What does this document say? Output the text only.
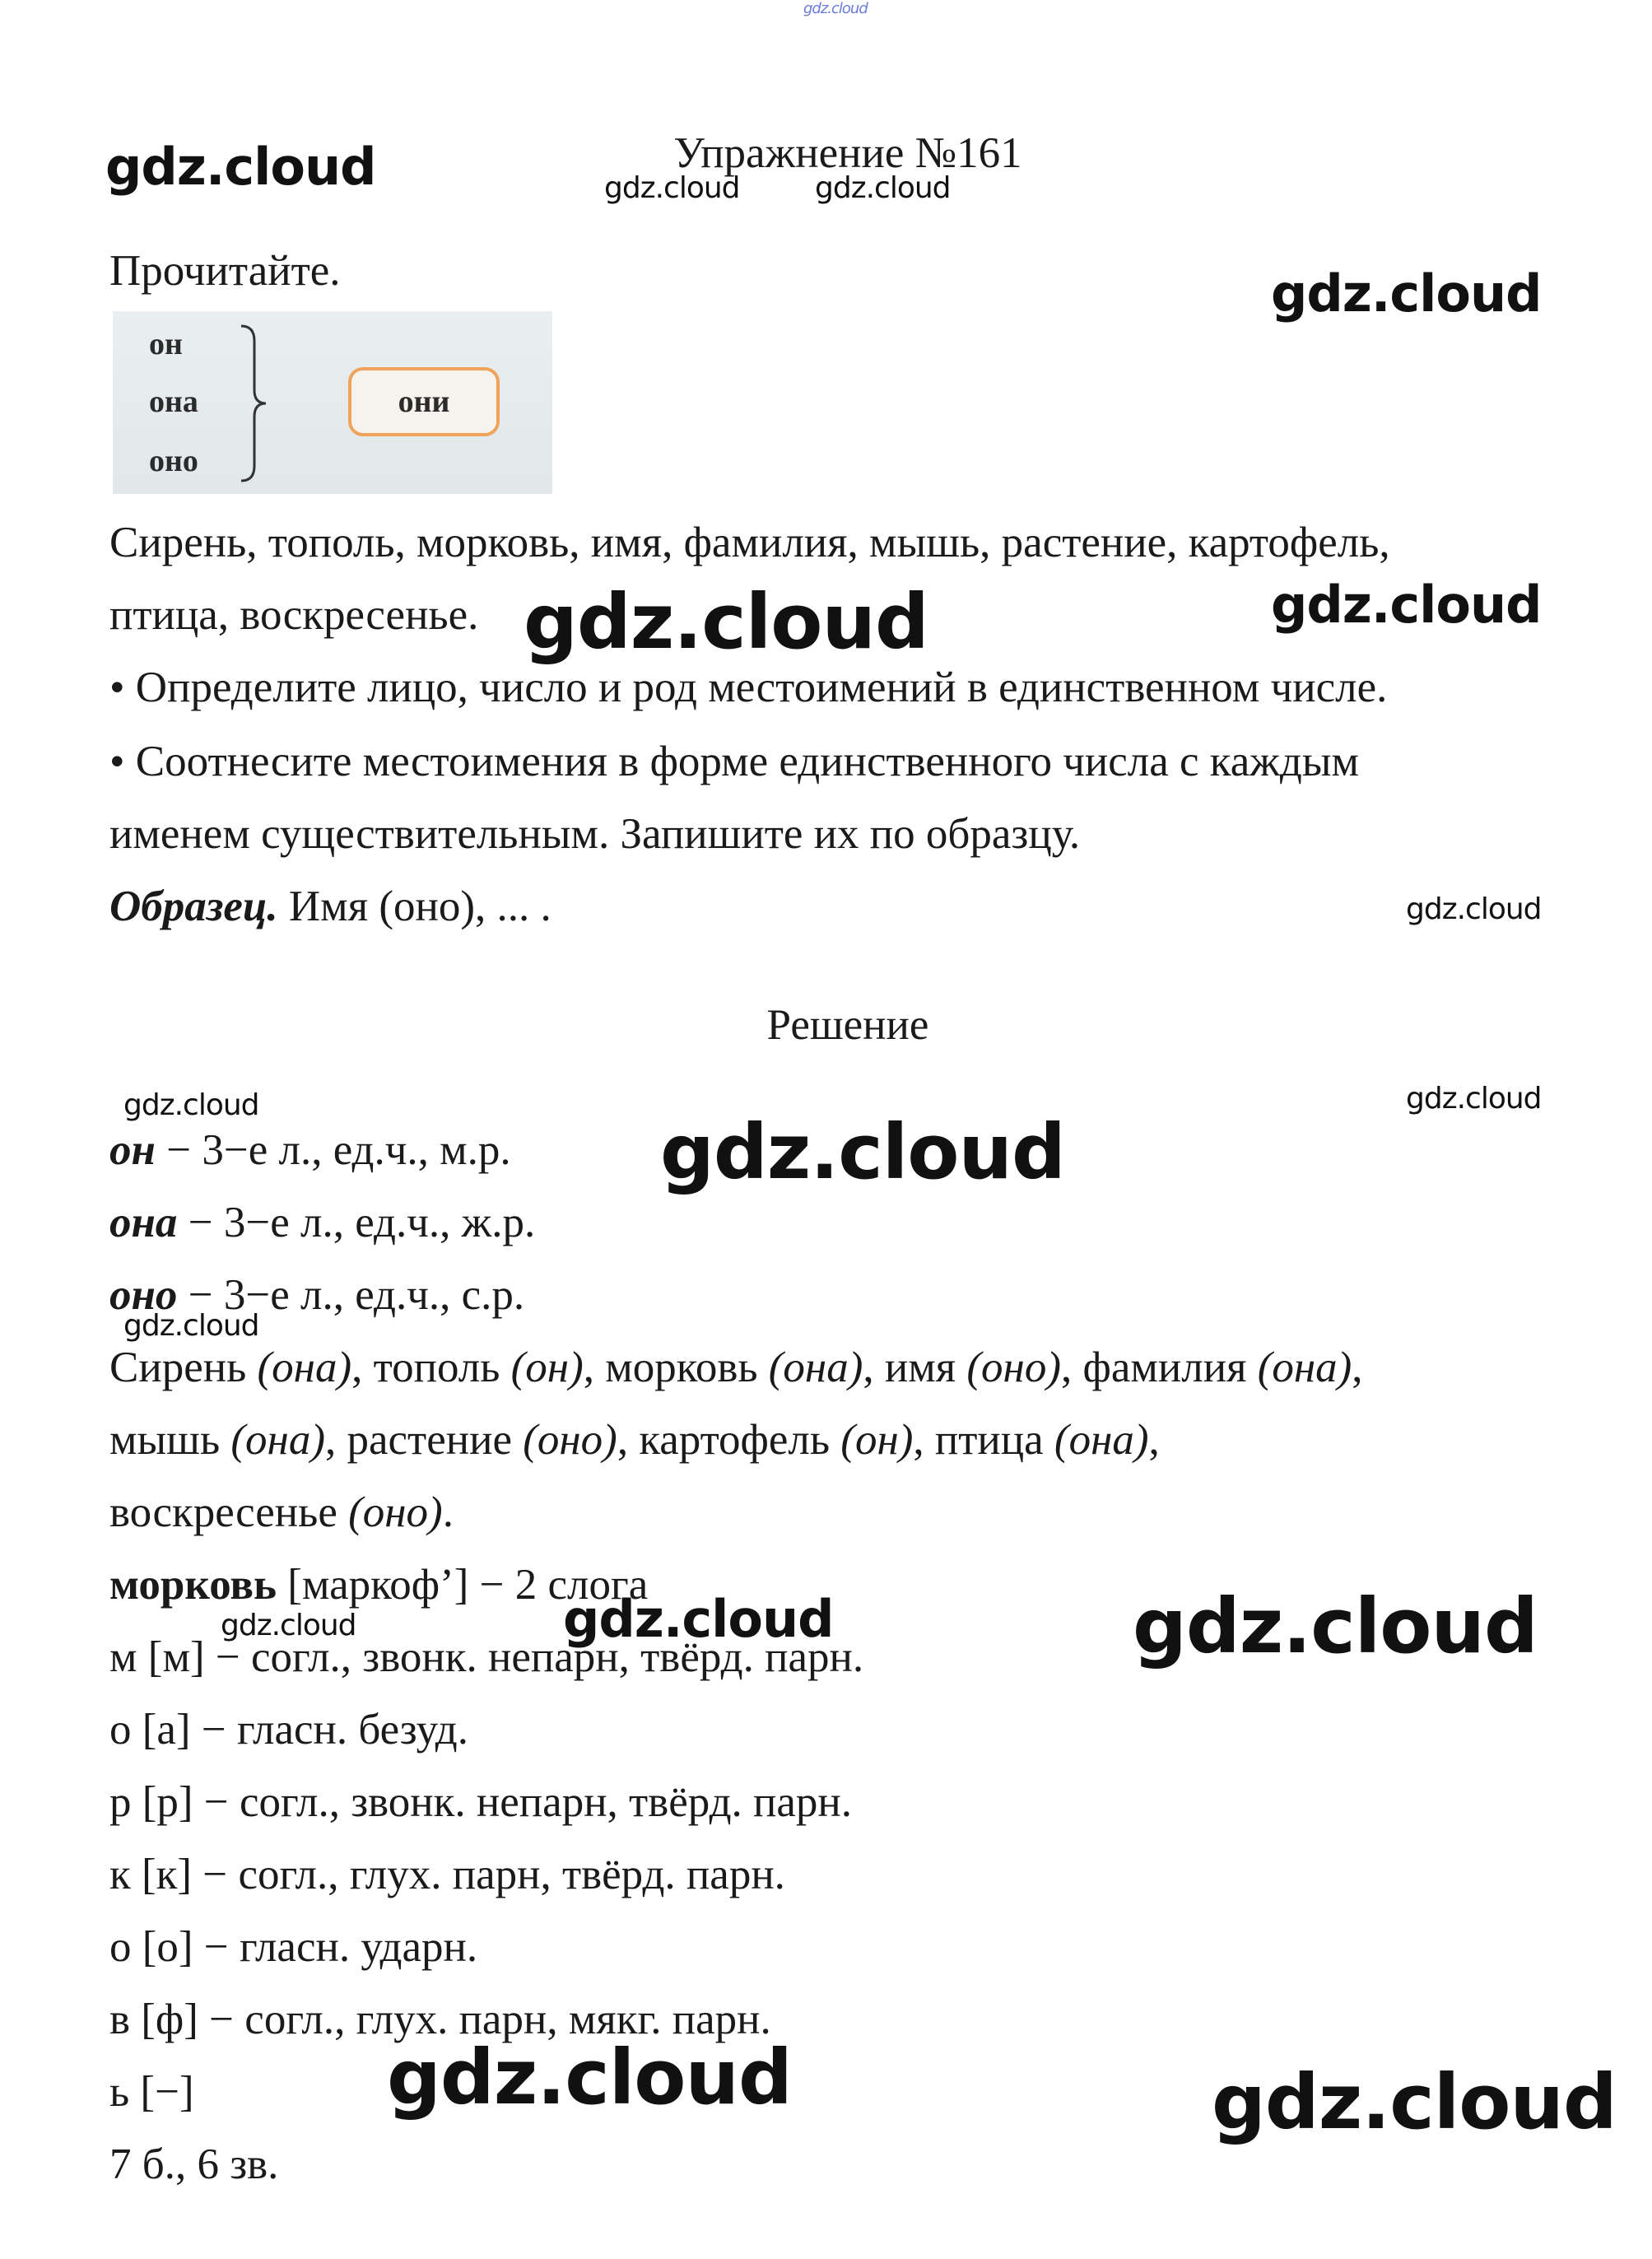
gdz.cloud
Упражнение №161
Прочитайте.
он
она
оно
они
Сирень, тополь, морковь, имя, фамилия, мышь, растение, картофель,
птица, воскресенье.
• Определите лицо, число и род местоимений в единственном числе.
• Соотнесите местоимения в форме единственного числа с каждым
именем существительным. Запишите их по образцу.
Образец. Имя (оно), ... .
Решение
он − 3−е л., ед.ч., м.р.
она − 3−е л., ед.ч., ж.р.
оно − 3−е л., ед.ч., с.р.
Сирень (она), тополь (он), морковь (она), имя (оно), фамилия (она),
мышь (она), растение (оно), картофель (он), птица (она),
воскресенье (оно).
морковь [маркоф’] − 2 слога
м [м] − согл., звонк. непарн, твёрд. парн.
о [а] − гласн. безуд.
р [р] − согл., звонк. непарн, твёрд. парн.
к [к] − согл., глух. парн, твёрд. парн.
о [о] − гласн. ударн.
в [ф] − согл., глух. парн, мякг. парн.
ь [−]
7 б., 6 зв.
gdz.cloud	gdz.cloud	gdz.cloud
gdz.cloud
gdz.cloud	gdz.cloud
gdz.cloud
gdz.cloud	gdz.cloud
gdz.cloud
gdz.cloud
gdz.cloud	gdz.cloud	gdz.cloud
gdz.cloud	gdz.cloud
